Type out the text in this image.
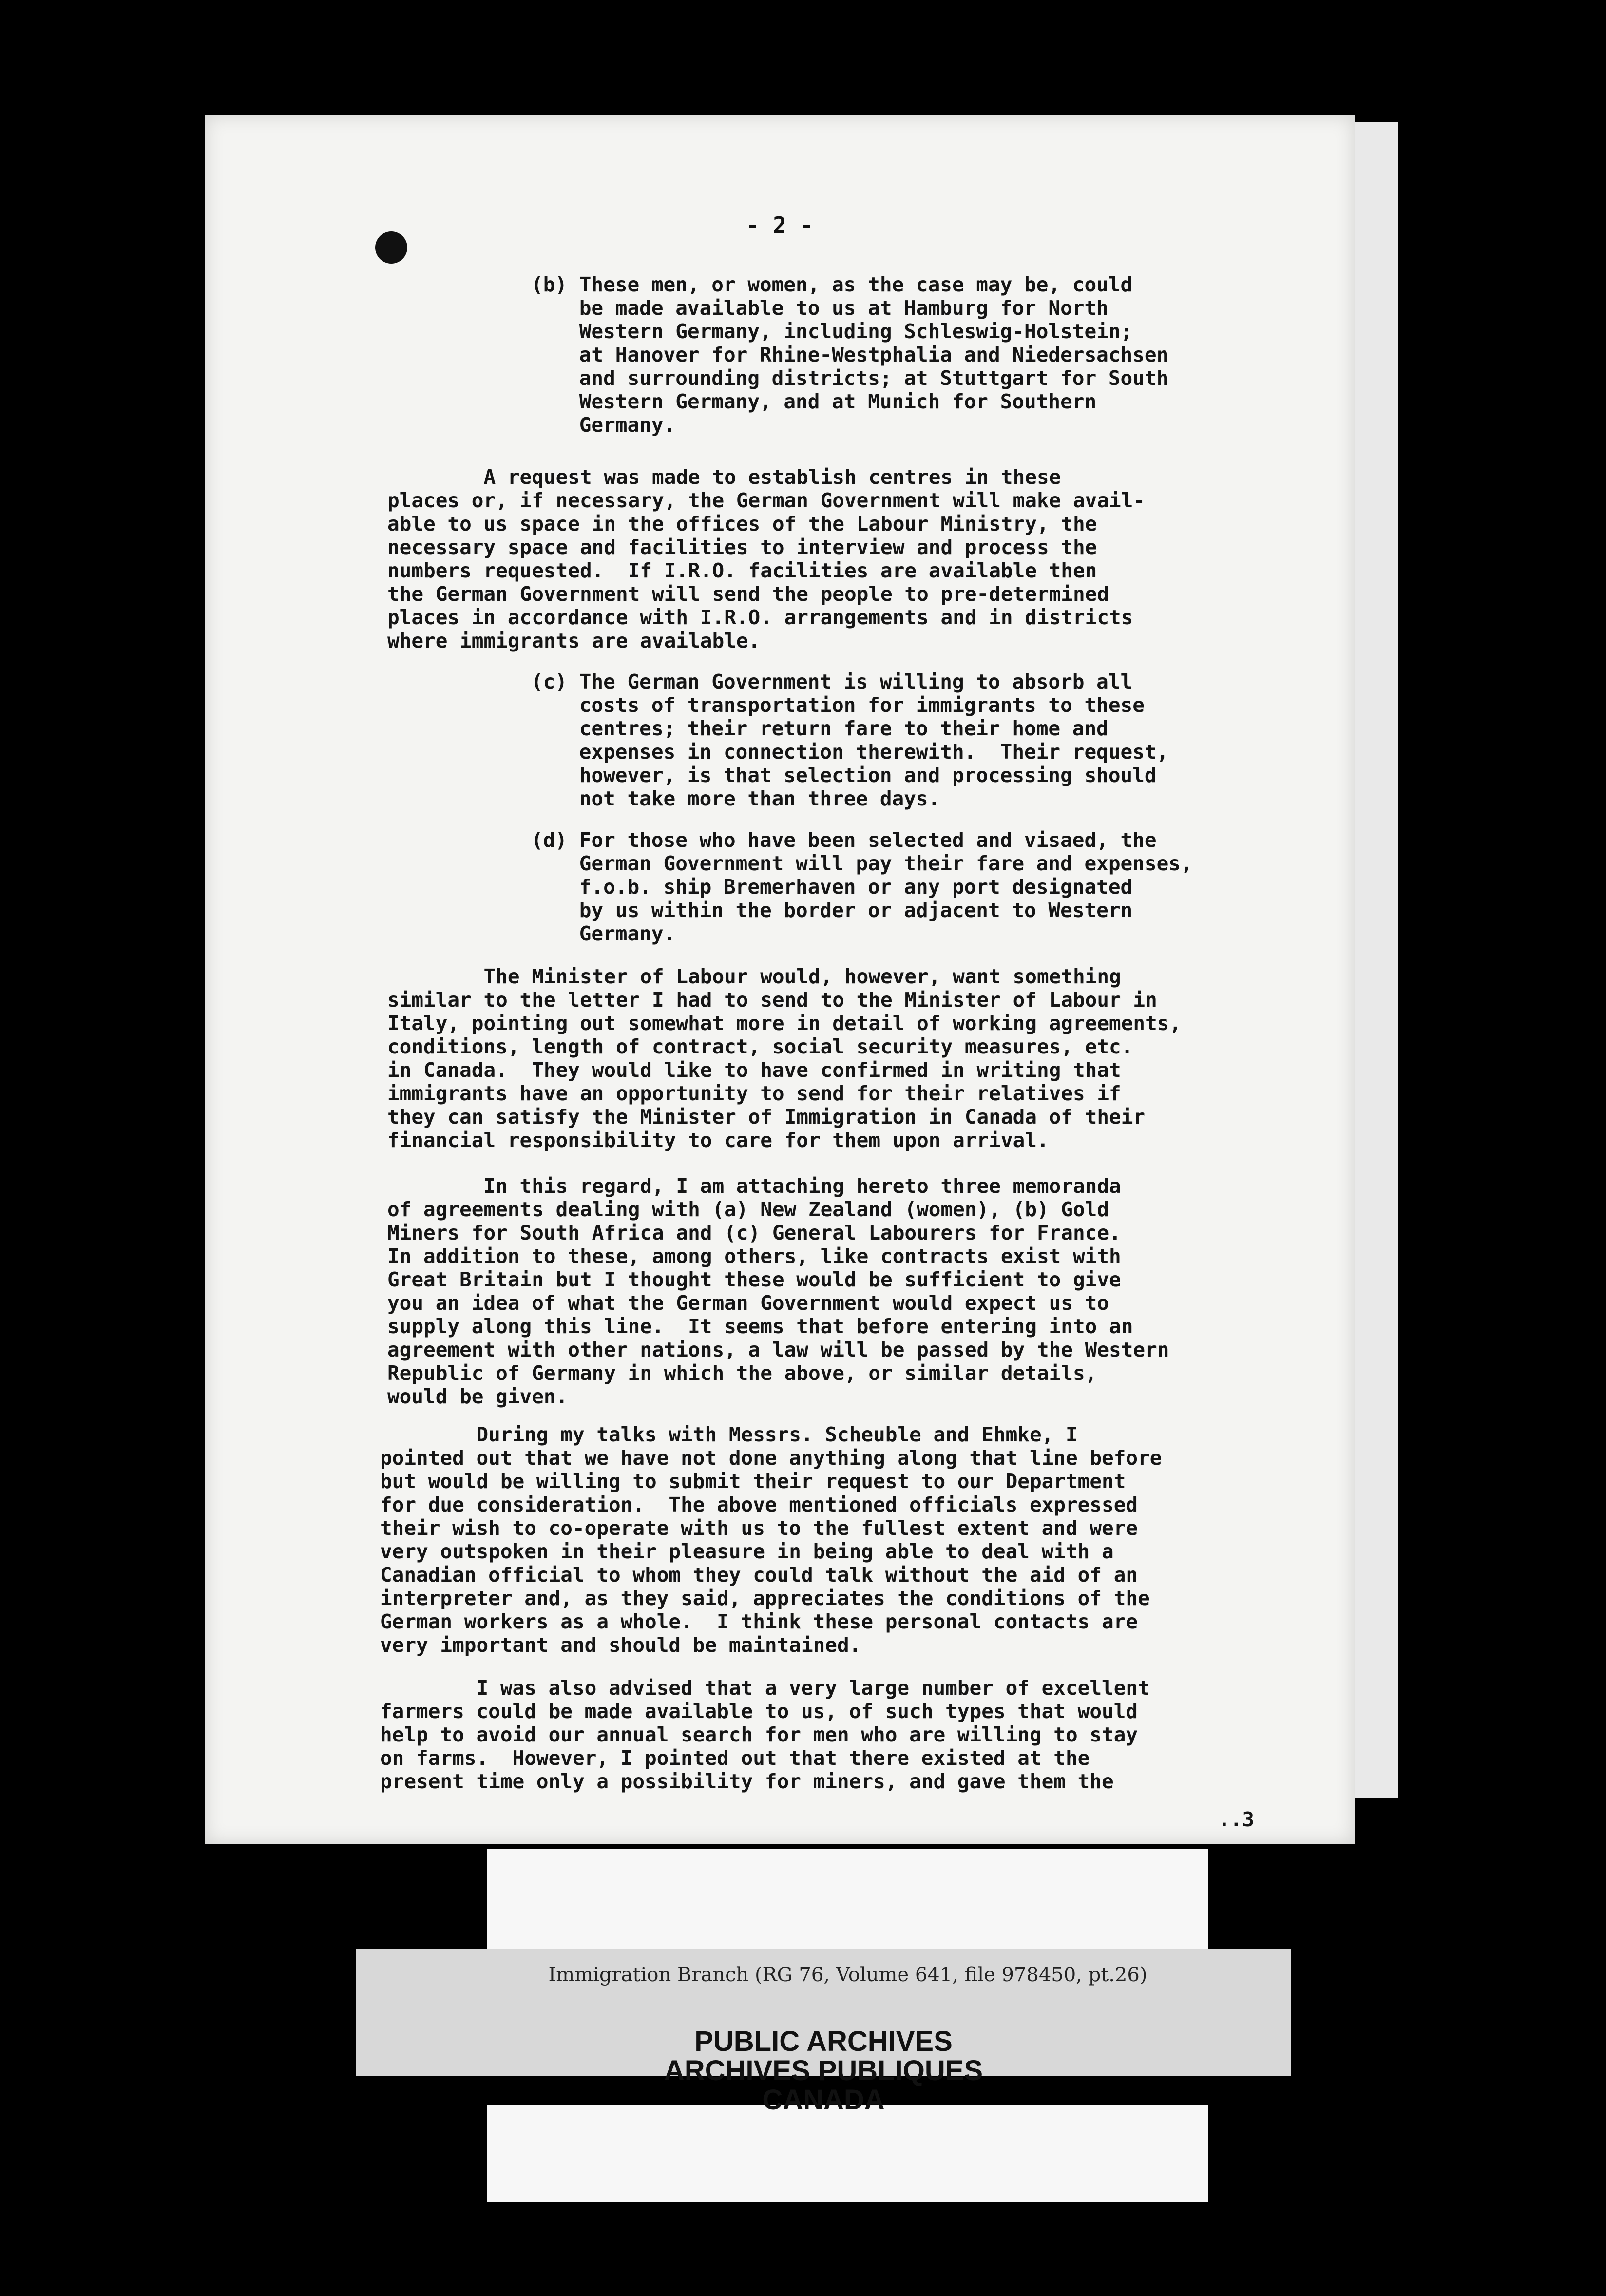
- 2 -
(b) These men, or women, as the case may be, could
be made available to us at Hamburg for North
Western Germany, including Schleswig-Holstein;
at Hanover for Rhine-Westphalia and Niedersachsen
and surrounding districts; at Stuttgart for South
Western Germany, and at Munich for Southern
Germany.
A request was made to establish centres in these
places or, if necessary, the German Government will make avail-
able to us space in the offices of the Labour Ministry, the
necessary space and facilities to interview and process the
numbers requested.  If I.R.O. facilities are available then
the German Government will send the people to pre-determined
places in accordance with I.R.O. arrangements and in districts
where immigrants are available.
(c) The German Government is willing to absorb all
costs of transportation for immigrants to these
centres; their return fare to their home and
expenses in connection therewith.  Their request,
however, is that selection and processing should
not take more than three days.
(d) For those who have been selected and visaed, the
German Government will pay their fare and expenses,
f.o.b. ship Bremerhaven or any port designated
by us within the border or adjacent to Western
Germany.
The Minister of Labour would, however, want something
similar to the letter I had to send to the Minister of Labour in
Italy, pointing out somewhat more in detail of working agreements,
conditions, length of contract, social security measures, etc.
in Canada.  They would like to have confirmed in writing that
immigrants have an opportunity to send for their relatives if
they can satisfy the Minister of Immigration in Canada of their
financial responsibility to care for them upon arrival.
In this regard, I am attaching hereto three memoranda
of agreements dealing with (a) New Zealand (women), (b) Gold
Miners for South Africa and (c) General Labourers for France.
In addition to these, among others, like contracts exist with
Great Britain but I thought these would be sufficient to give
you an idea of what the German Government would expect us to
supply along this line.  It seems that before entering into an
agreement with other nations, a law will be passed by the Western
Republic of Germany in which the above, or similar details,
would be given.
During my talks with Messrs. Scheuble and Ehmke, I
pointed out that we have not done anything along that line before
but would be willing to submit their request to our Department
for due consideration.  The above mentioned officials expressed
their wish to co-operate with us to the fullest extent and were
very outspoken in their pleasure in being able to deal with a
Canadian official to whom they could talk without the aid of an
interpreter and, as they said, appreciates the conditions of the
German workers as a whole.  I think these personal contacts are
very important and should be maintained.
I was also advised that a very large number of excellent
farmers could be made available to us, of such types that would
help to avoid our annual search for men who are willing to stay
on farms.  However, I pointed out that there existed at the
present time only a possibility for miners, and gave them the
..3
Immigration Branch (RG 76, Volume 641, file 978450, pt.26)
PUBLIC ARCHIVES
ARCHIVES PUBLIQUES
CANADA
